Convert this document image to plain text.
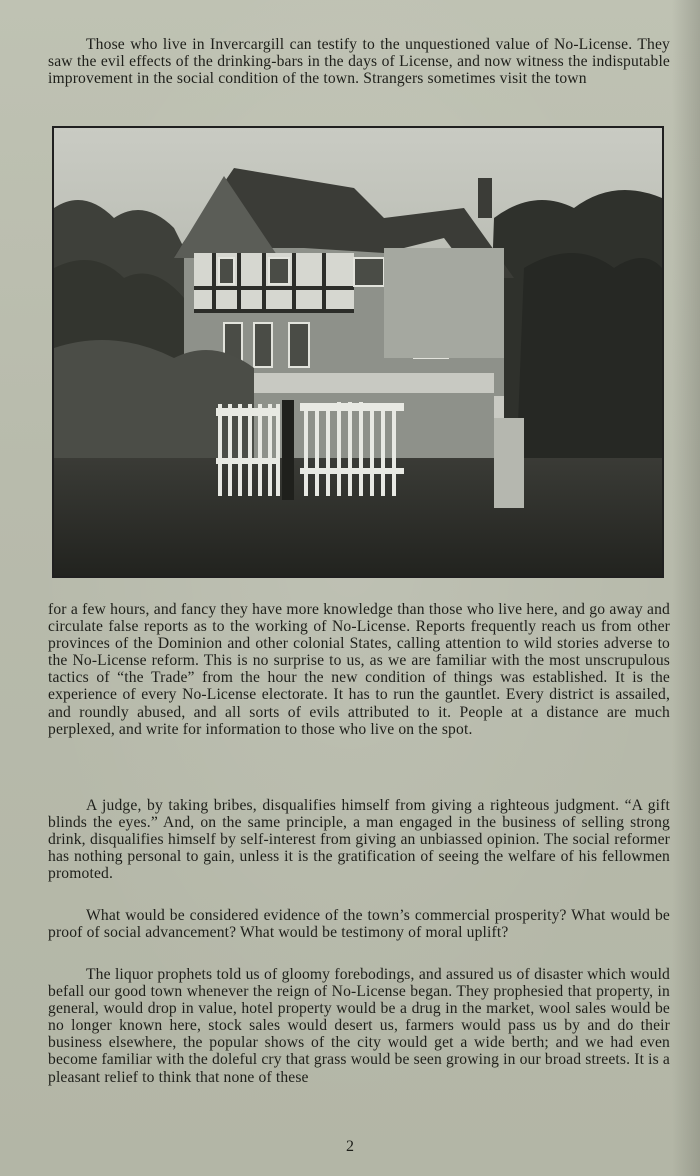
Those who live in Invercargill can testify to the unquestioned value of No-License. They saw the evil effects of the drinking-bars in the days of License, and now witness the indisputable improvement in the social condition of the town. Strangers sometimes visit the town

for a few hours, and fancy they have more knowledge than those who live here, and go away and circulate false reports as to the working of No-License. Reports frequently reach us from other provinces of the Dominion and other colonial States, calling attention to wild stories adverse to the No-License reform. This is no surprise to us, as we are familiar with the most unscrupulous tactics of “the Trade” from the hour the new condition of things was established. It is the experience of every No-License electorate. It has to run the gauntlet. Every district is assailed, and roundly abused, and all sorts of evils attributed to it. People at a distance are much perplexed, and write for information to those who live on the spot.

A judge, by taking bribes, disqualifies himself from giving a righteous judgment. “A gift blinds the eyes.” And, on the same principle, a man engaged in the business of selling strong drink, disqualifies himself by self-interest from giving an unbiassed opinion. The social reformer has nothing personal to gain, unless it is the gratification of seeing the welfare of his fellowmen promoted.

What would be considered evidence of the town’s commercial prosperity? What would be proof of social advancement? What would be testimony of moral uplift?

The liquor prophets told us of gloomy forebodings, and assured us of disaster which would befall our good town whenever the reign of No-License began. They prophesied that property, in general, would drop in value, hotel property would be a drug in the market, wool sales would be no longer known here, stock sales would desert us, farmers would pass us by and do their business elsewhere, the popular shows of the city would get a wide berth; and we had even become familiar with the doleful cry that grass would be seen growing in our broad streets. It is a pleasant relief to think that none of these

2
